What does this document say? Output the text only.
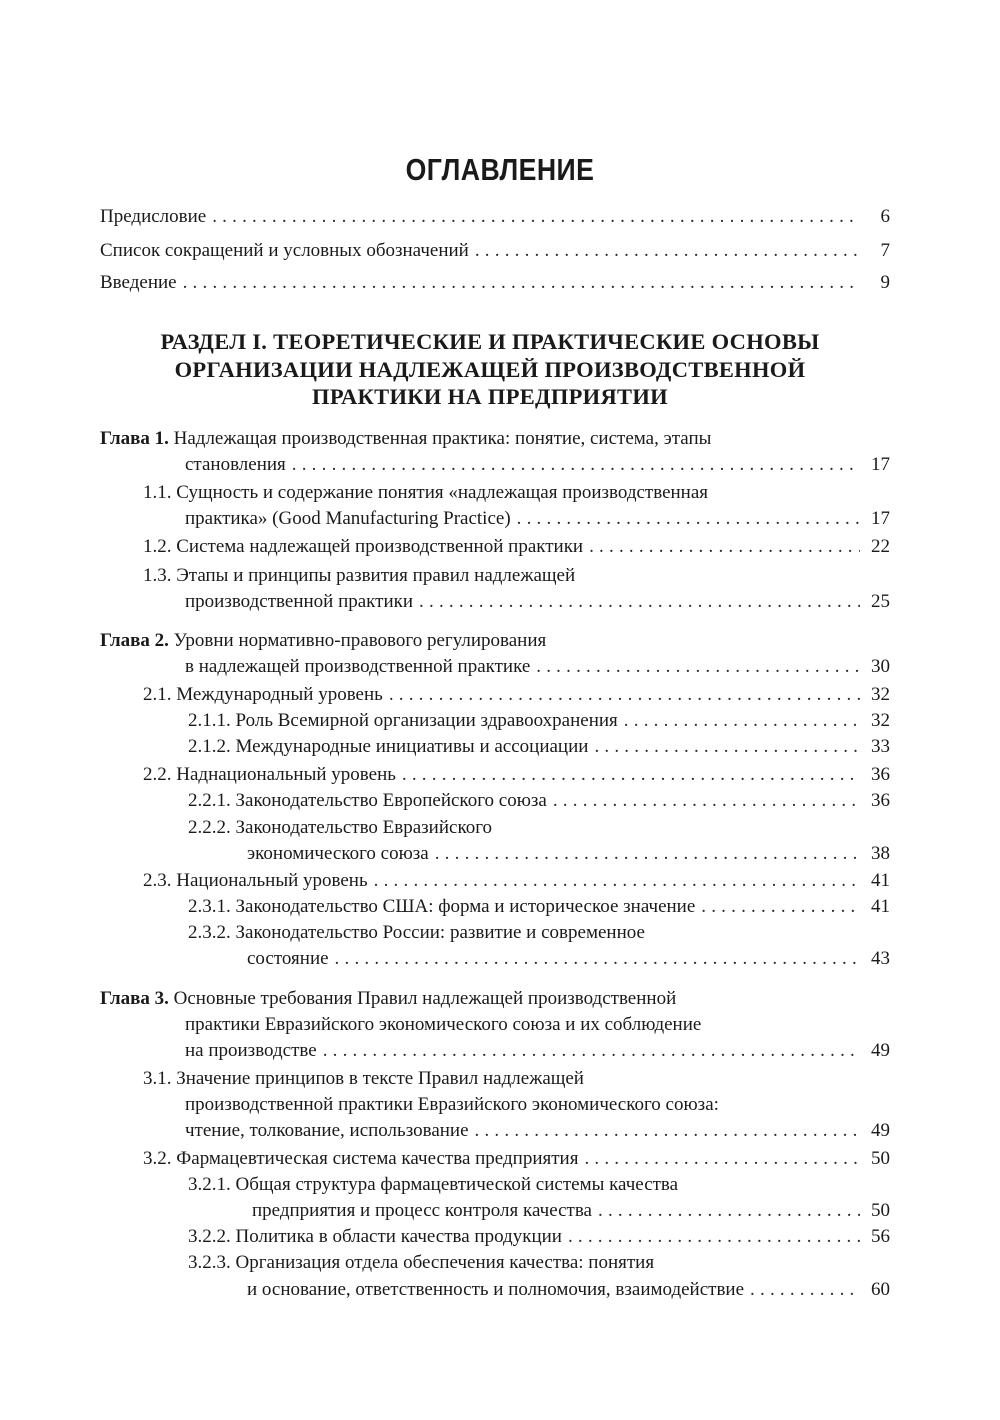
ОГЛАВЛЕНИЕ
Предисловие .....	6
Список сокращений и условных обозначений .....	7
Введение .....	9
РАЗДЕЛ I. ТЕОРЕТИЧЕСКИЕ И ПРАКТИЧЕСКИЕ ОСНОВЫ
ОРГАНИЗАЦИИ НАДЛЕЖАЩЕЙ ПРОИЗВОДСТВЕННОЙ
ПРАКТИКИ НА ПРЕДПРИЯТИИ
Глава 1. Надлежащая производственная практика: понятие, система, этапы
становления .....	17
1.1. Сущность и содержание понятия «надлежащая производственная
практика» (Good Manufacturing Practice) .....	17
1.2. Система надлежащей производственной практики .....	22
1.3. Этапы и принципы развития правил надлежащей
производственной практики .....	25
Глава 2. Уровни нормативно-правового регулирования
в надлежащей производственной практике .....	30
2.1. Международный уровень .....	32
2.1.1. Роль Всемирной организации здравоохранения .....	32
2.1.2. Международные инициативы и ассоциации .....	33
2.2. Наднациональный уровень .....	36
2.2.1. Законодательство Европейского союза .....	36
2.2.2. Законодательство Евразийского
экономического союза .....	38
2.3. Национальный уровень .....	41
2.3.1. Законодательство США: форма и историческое значение .....	41
2.3.2. Законодательство России: развитие и современное
состояние .....	43
Глава 3. Основные требования Правил надлежащей производственной
практики Евразийского экономического союза и их соблюдение
на производстве .....	49
3.1. Значение принципов в тексте Правил надлежащей
производственной практики Евразийского экономического союза:
чтение, толкование, использование .....	49
3.2. Фармацевтическая система качества предприятия .....	50
3.2.1. Общая структура фармацевтической системы качества
предприятия и процесс контроля качества .....	50
3.2.2. Политика в области качества продукции .....	56
3.2.3. Организация отдела обеспечения качества: понятия
и основание, ответственность и полномочия, взаимодействие .....	60
